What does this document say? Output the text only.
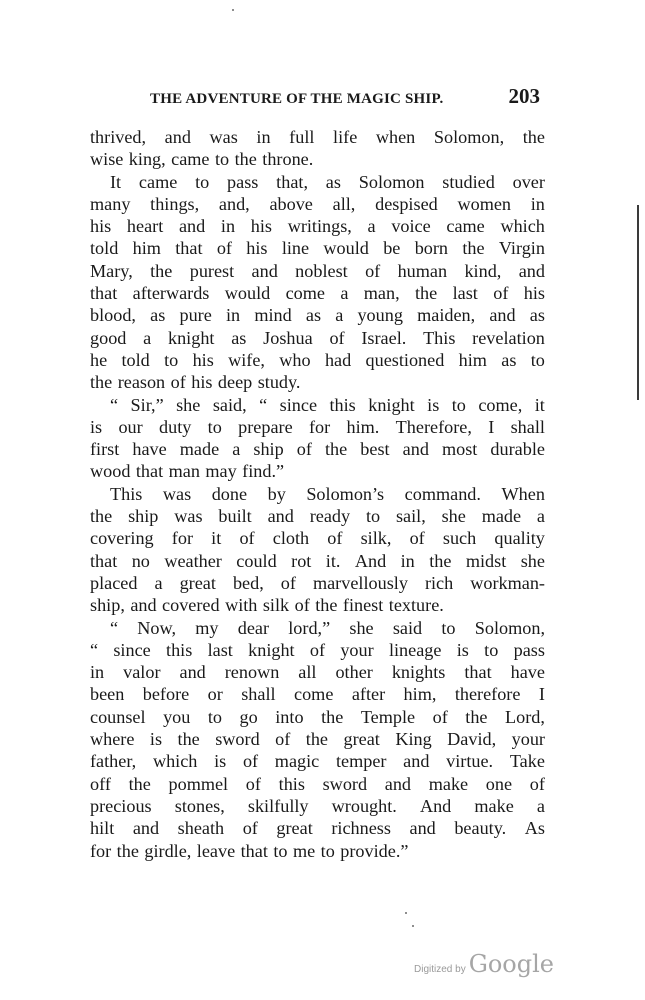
THE ADVENTURE OF THE MAGIC SHIP.	203
thrived, and was in full life when Solomon, the
wise king, came to the throne.
It came to pass that, as Solomon studied over
many things, and, above all, despised women in
his heart and in his writings, a voice came which
told him that of his line would be born the Virgin
Mary, the purest and noblest of human kind, and
that afterwards would come a man, the last of his
blood, as pure in mind as a young maiden, and as
good a knight as Joshua of Israel. This revelation
he told to his wife, who had questioned him as to
the reason of his deep study.
“ Sir,” she said, “ since this knight is to come, it
is our duty to prepare for him. Therefore, I shall
first have made a ship of the best and most durable
wood that man may find.”
This was done by Solomon’s command. When
the ship was built and ready to sail, she made a
covering for it of cloth of silk, of such quality
that no weather could rot it. And in the midst she
placed a great bed, of marvellously rich workman-
ship, and covered with silk of the finest texture.
“ Now, my dear lord,” she said to Solomon,
“ since this last knight of your lineage is to pass
in valor and renown all other knights that have
been before or shall come after him, therefore I
counsel you to go into the Temple of the Lord,
where is the sword of the great King David, your
father, which is of magic temper and virtue. Take
off the pommel of this sword and make one of
precious stones, skilfully wrought. And make a
hilt and sheath of great richness and beauty. As
for the girdle, leave that to me to provide.”
Digitized by Google
